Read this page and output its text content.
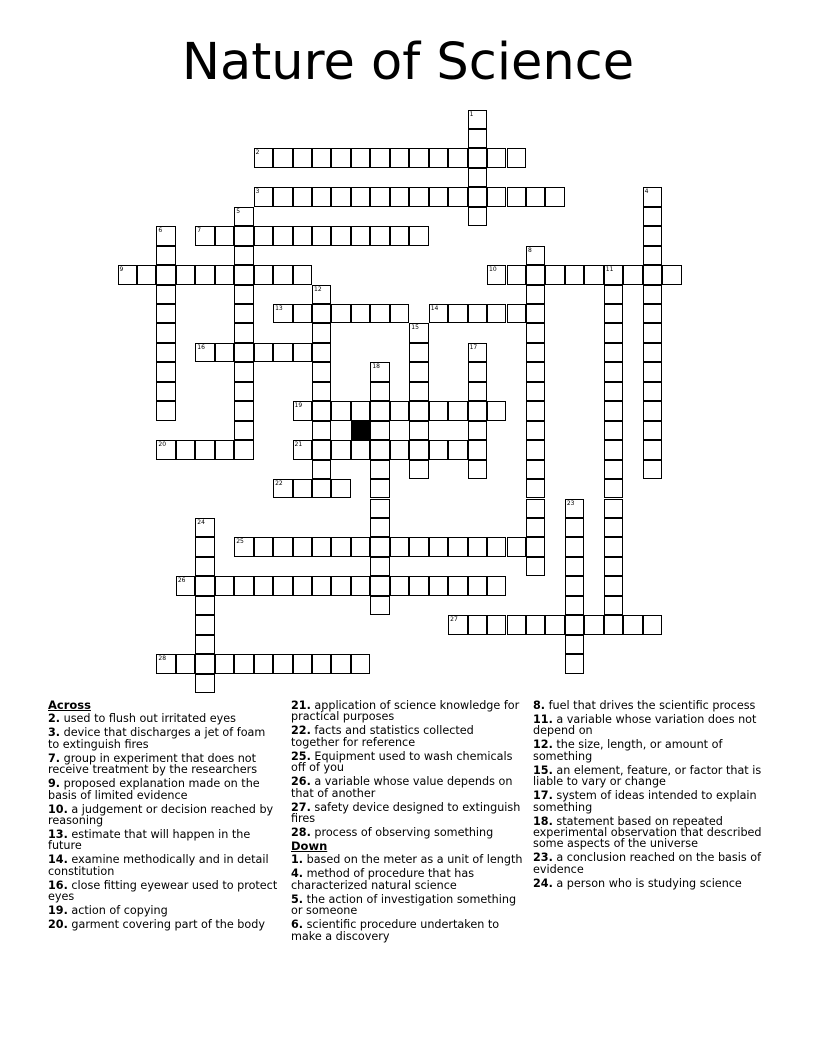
Nature of Science
2
3
7
9	10	11
13	14
16
19
20	21
22
25
26
27
28
1
4
5
6
8
12
15
17
18
23
24
Across
2. used to flush out irritated eyes
3. device that discharges a jet of foam to extinguish fires
7. group in experiment that does not receive treatment by the researchers
9. proposed explanation made on the basis of limited evidence
10. a judgement or decision reached by reasoning
13. estimate that will happen in the future
14. examine methodically and in detail constitution
16. close fitting eyewear used to protect eyes
19. action of copying
20. garment covering part of the body
21. application of science knowledge for practical purposes
22. facts and statistics collected together for reference
25. Equipment used to wash chemicals off of you
26. a variable whose value depends on that of another
27. safety device designed to extinguish fires
28. process of observing something
Down
1. based on the meter as a unit of length
4. method of procedure that has characterized natural science
5. the action of investigation something or someone
6. scientific procedure undertaken to make a discovery
8. fuel that drives the scientific process
11. a variable whose variation does not depend on
12. the size, length, or amount of something
15. an element, feature, or factor that is liable to vary or change
17. system of ideas intended to explain something
18. statement based on repeated experimental observation that described some aspects of the universe
23. a conclusion reached on the basis of evidence
24. a person who is studying science
